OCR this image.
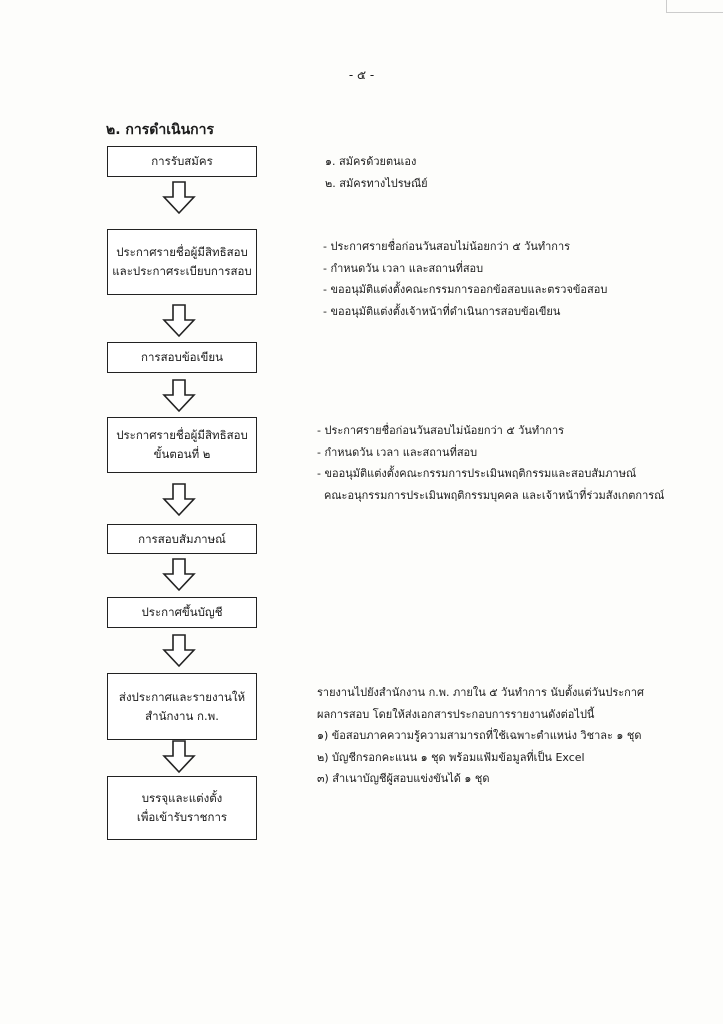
- ๕ -
๒. การดำเนินการ
การรับสมัคร
ประกาศรายชื่อผู้มีสิทธิสอบ
และประกาศระเบียบการสอบ
การสอบข้อเขียน
ประกาศรายชื่อผู้มีสิทธิสอบ
ขั้นตอนที่ ๒
การสอบสัมภาษณ์
ประกาศขึ้นบัญชี
ส่งประกาศและรายงานให้
สำนักงาน ก.พ.
บรรจุและแต่งตั้ง
เพื่อเข้ารับราชการ
๑. สมัครด้วยตนเอง
๒. สมัครทางไปรษณีย์
- ประกาศรายชื่อก่อนวันสอบไม่น้อยกว่า ๕ วันทำการ
- กำหนดวัน เวลา และสถานที่สอบ
- ขออนุมัติแต่งตั้งคณะกรรมการออกข้อสอบและตรวจข้อสอบ
- ขออนุมัติแต่งตั้งเจ้าหน้าที่ดำเนินการสอบข้อเขียน
- ประกาศรายชื่อก่อนวันสอบไม่น้อยกว่า ๕ วันทำการ
- กำหนดวัน เวลา และสถานที่สอบ
- ขออนุมัติแต่งตั้งคณะกรรมการประเมินพฤติกรรมและสอบสัมภาษณ์
คณะอนุกรรมการประเมินพฤติกรรมบุคคล และเจ้าหน้าที่ร่วมสังเกตการณ์
รายงานไปยังสำนักงาน ก.พ. ภายใน ๕ วันทำการ นับตั้งแต่วันประกาศ
ผลการสอบ โดยให้ส่งเอกสารประกอบการรายงานดังต่อไปนี้
๑) ข้อสอบภาคความรู้ความสามารถที่ใช้เฉพาะตำแหน่ง วิชาละ ๑ ชุด
๒) บัญชีกรอกคะแนน ๑ ชุด พร้อมแฟ้มข้อมูลที่เป็น Excel
๓) สำเนาบัญชีผู้สอบแข่งขันได้ ๑ ชุด
